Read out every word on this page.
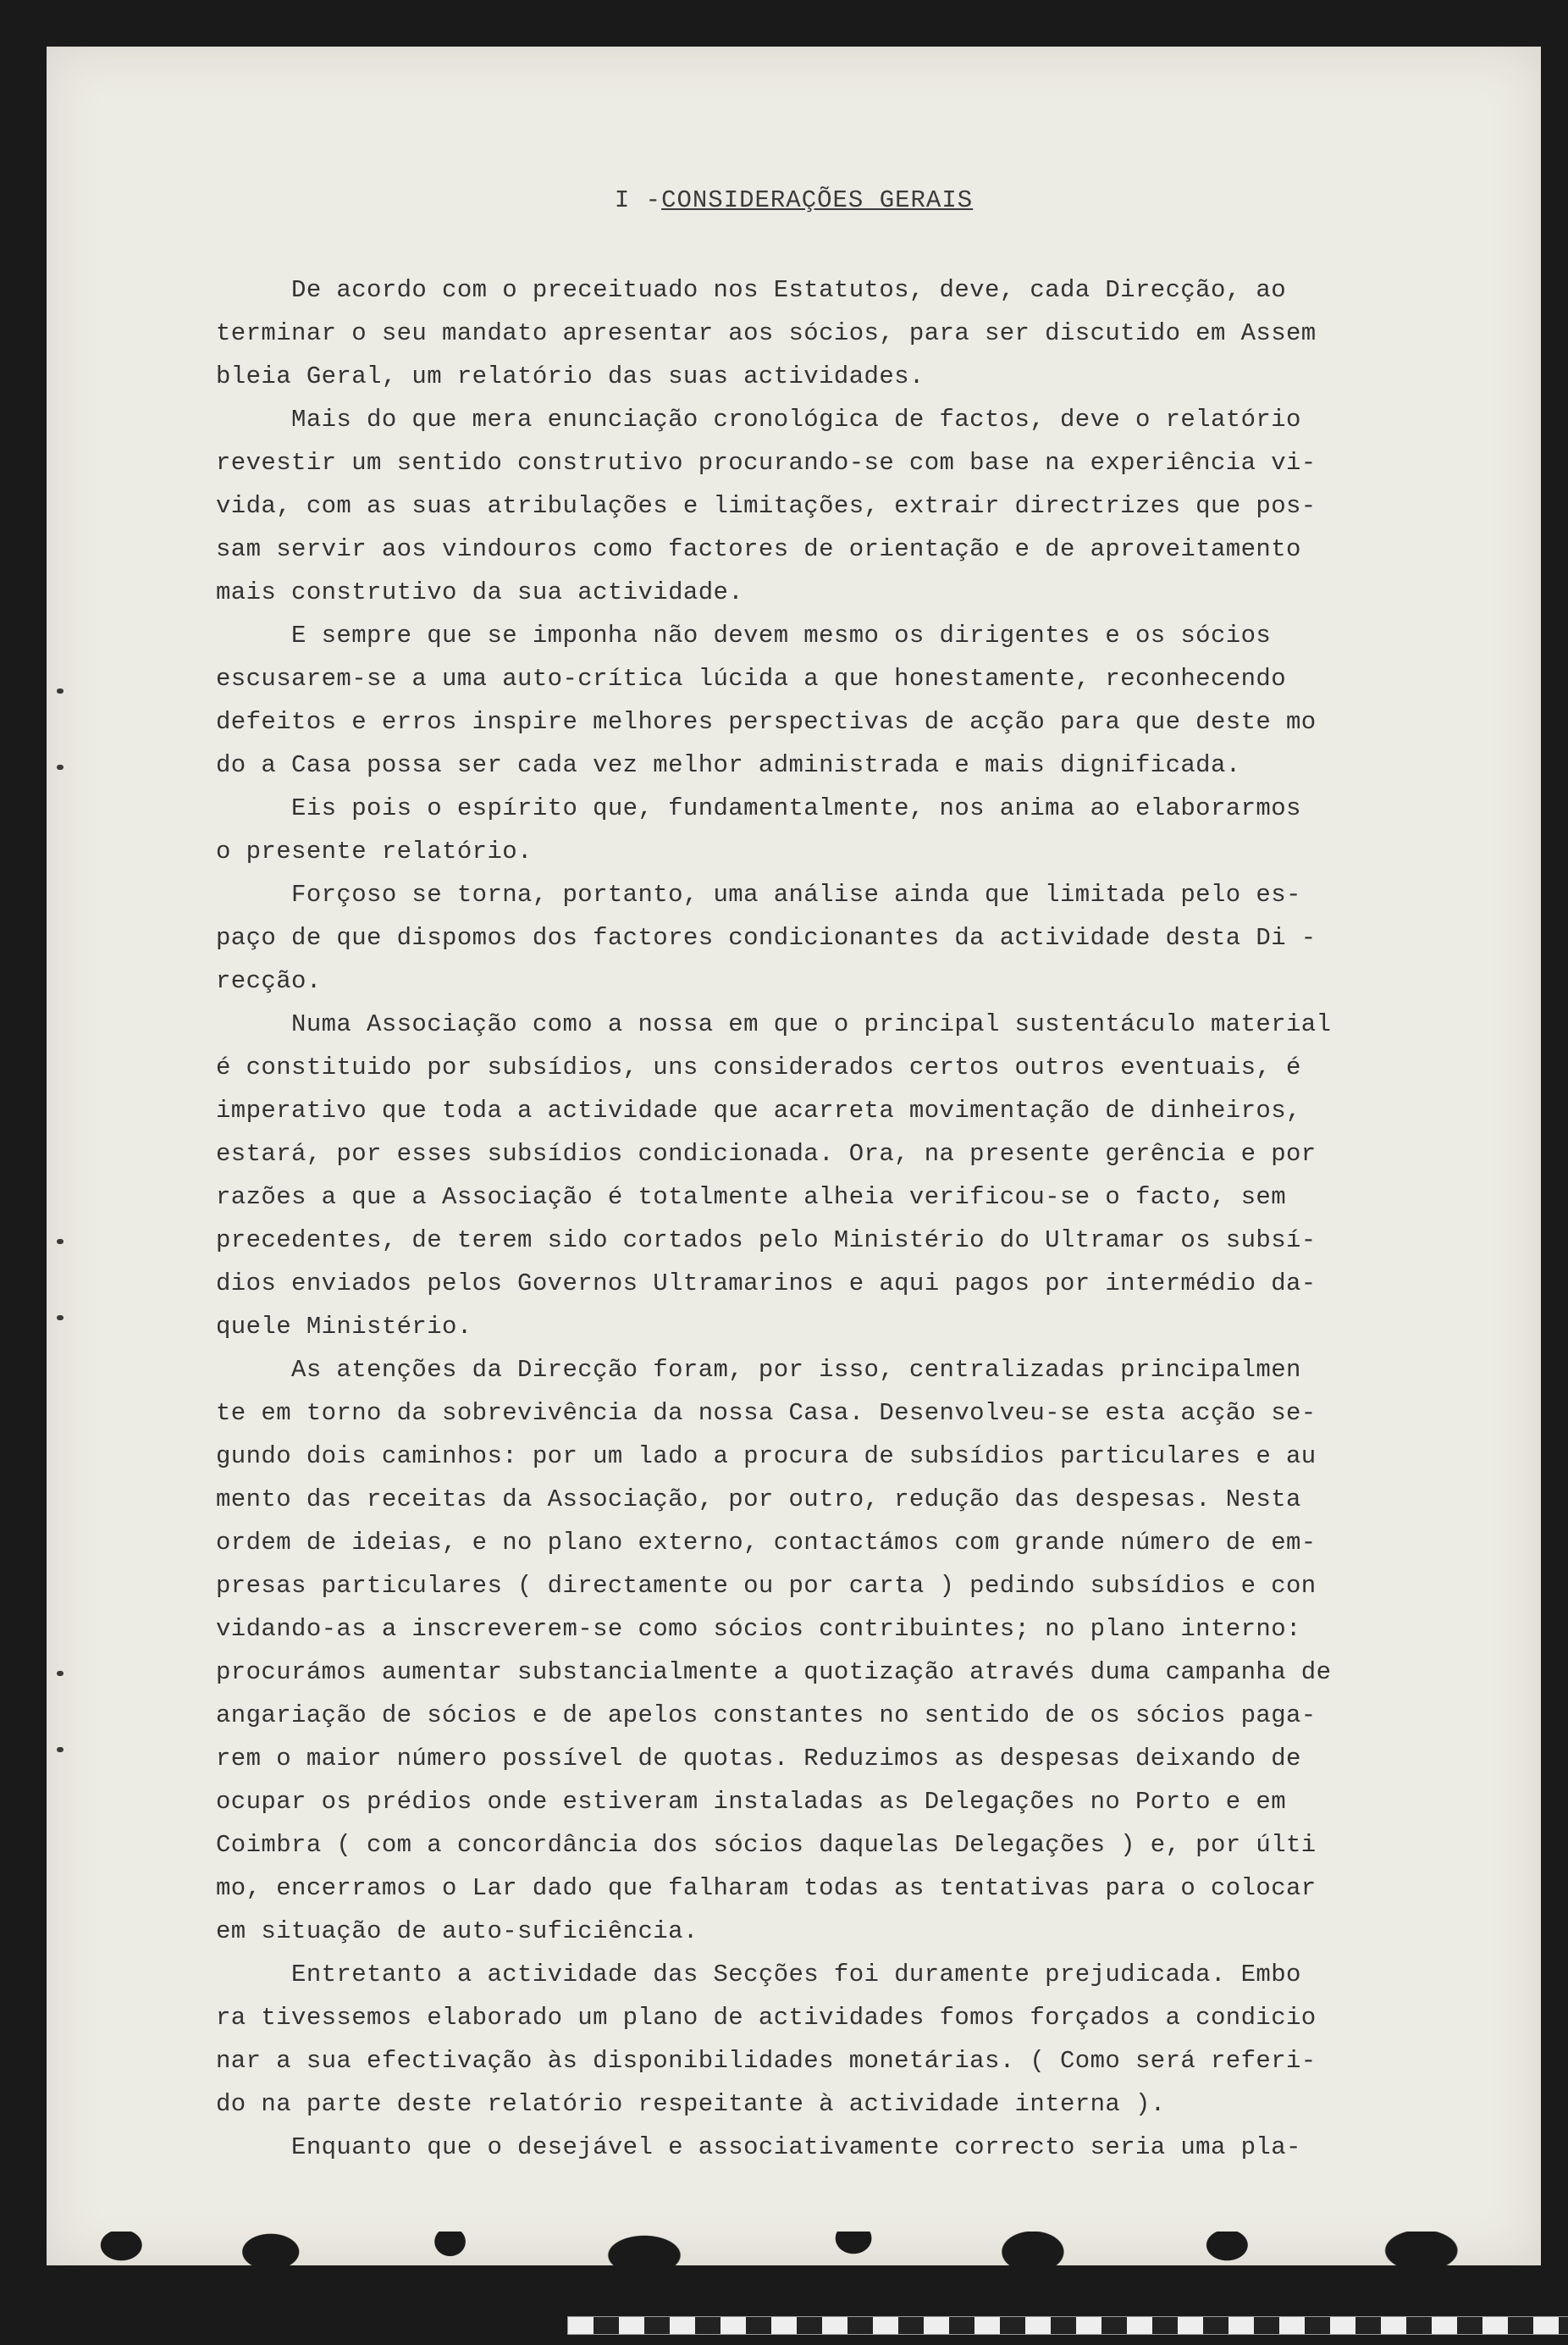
I -CONSIDERAÇÕES GERAIS
De acordo com o preceituado nos Estatutos, deve, cada Direcção, ao
terminar o seu mandato apresentar aos sócios, para ser discutido em Assem
bleia Geral, um relatório das suas actividades.
Mais do que mera enunciação cronológica de factos, deve o relatório
revestir um sentido construtivo procurando-se com base na experiência vi-
vida, com as suas atribulações e limitações, extrair directrizes que pos-
sam servir aos vindouros como factores de orientação e de aproveitamento
mais construtivo da sua actividade.
E sempre que se imponha não devem mesmo os dirigentes e os sócios
escusarem-se a uma auto-crítica lúcida a que honestamente, reconhecendo
defeitos e erros inspire melhores perspectivas de acção para que deste mo
do a Casa possa ser cada vez melhor administrada e mais dignificada.
Eis pois o espírito que, fundamentalmente, nos anima ao elaborarmos
o presente relatório.
Forçoso se torna, portanto, uma análise ainda que limitada pelo es-
paço de que dispomos dos factores condicionantes da actividade desta Di -
recção.
Numa Associação como a nossa em que o principal sustentáculo material
é constituido por subsídios, uns considerados certos outros eventuais, é
imperativo que toda a actividade que acarreta movimentação de dinheiros,
estará, por esses subsídios condicionada. Ora, na presente gerência e por
razões a que a Associação é totalmente alheia verificou-se o facto, sem
precedentes, de terem sido cortados pelo Ministério do Ultramar os subsí-
dios enviados pelos Governos Ultramarinos e aqui pagos por intermédio da-
quele Ministério.
As atenções da Direcção foram, por isso, centralizadas principalmen
te em torno da sobrevivência da nossa Casa. Desenvolveu-se esta acção se-
gundo dois caminhos: por um lado a procura de subsídios particulares e au
mento das receitas da Associação, por outro, redução das despesas. Nesta
ordem de ideias, e no plano externo, contactámos com grande número de em-
presas particulares ( directamente ou por carta ) pedindo subsídios e con
vidando-as a inscreverem-se como sócios contribuintes; no plano interno:
procurámos aumentar substancialmente a quotização através duma campanha de
angariação de sócios e de apelos constantes no sentido de os sócios paga-
rem o maior número possível de quotas. Reduzimos as despesas deixando de
ocupar os prédios onde estiveram instaladas as Delegações no Porto e em
Coimbra ( com a concordância dos sócios daquelas Delegações ) e, por últi
mo, encerramos o Lar dado que falharam todas as tentativas para o colocar
em situação de auto-suficiência.
Entretanto a actividade das Secções foi duramente prejudicada. Embo
ra tivessemos elaborado um plano de actividades fomos forçados a condicio
nar a sua efectivação às disponibilidades monetárias. ( Como será referi-
do na parte deste relatório respeitante à actividade interna ).
Enquanto que o desejável e associativamente correcto seria uma pla-
